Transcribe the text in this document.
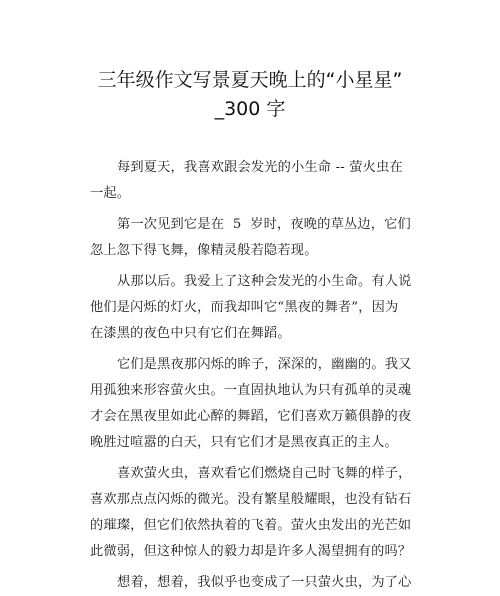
三年级作文写景夏天晚上的“小星星”
_300 字
每到夏天，我喜欢跟会发光的小生命 -- 萤火虫在
一起。
第一次见到它是在  5  岁时，夜晚的草丛边，它们
忽上忽下得飞舞，像精灵般若隐若现。
从那以后。我爱上了这种会发光的小生命。有人说
他们是闪烁的灯火，而我却叫它“黑夜的舞者”，因为
在漆黑的夜色中只有它们在舞蹈。
它们是黑夜那闪烁的眸子，深深的，幽幽的。我又
用孤独来形容萤火虫。一直固执地认为只有孤单的灵魂
才会在黑夜里如此心醉的舞蹈，它们喜欢万籁俱静的夜
晚胜过喧嚣的白天，只有它们才是黑夜真正的主人。
喜欢萤火虫，喜欢看它们燃烧自己时飞舞的样子，
喜欢那点点闪烁的微光。没有繁星般耀眼，也没有钻石
的璀璨，但它们依然执着的飞着。萤火虫发出的光芒如
此微弱，但这种惊人的毅力却是许多人渴望拥有的吗？
想着，想着，我似乎也变成了一只萤火虫，为了心
